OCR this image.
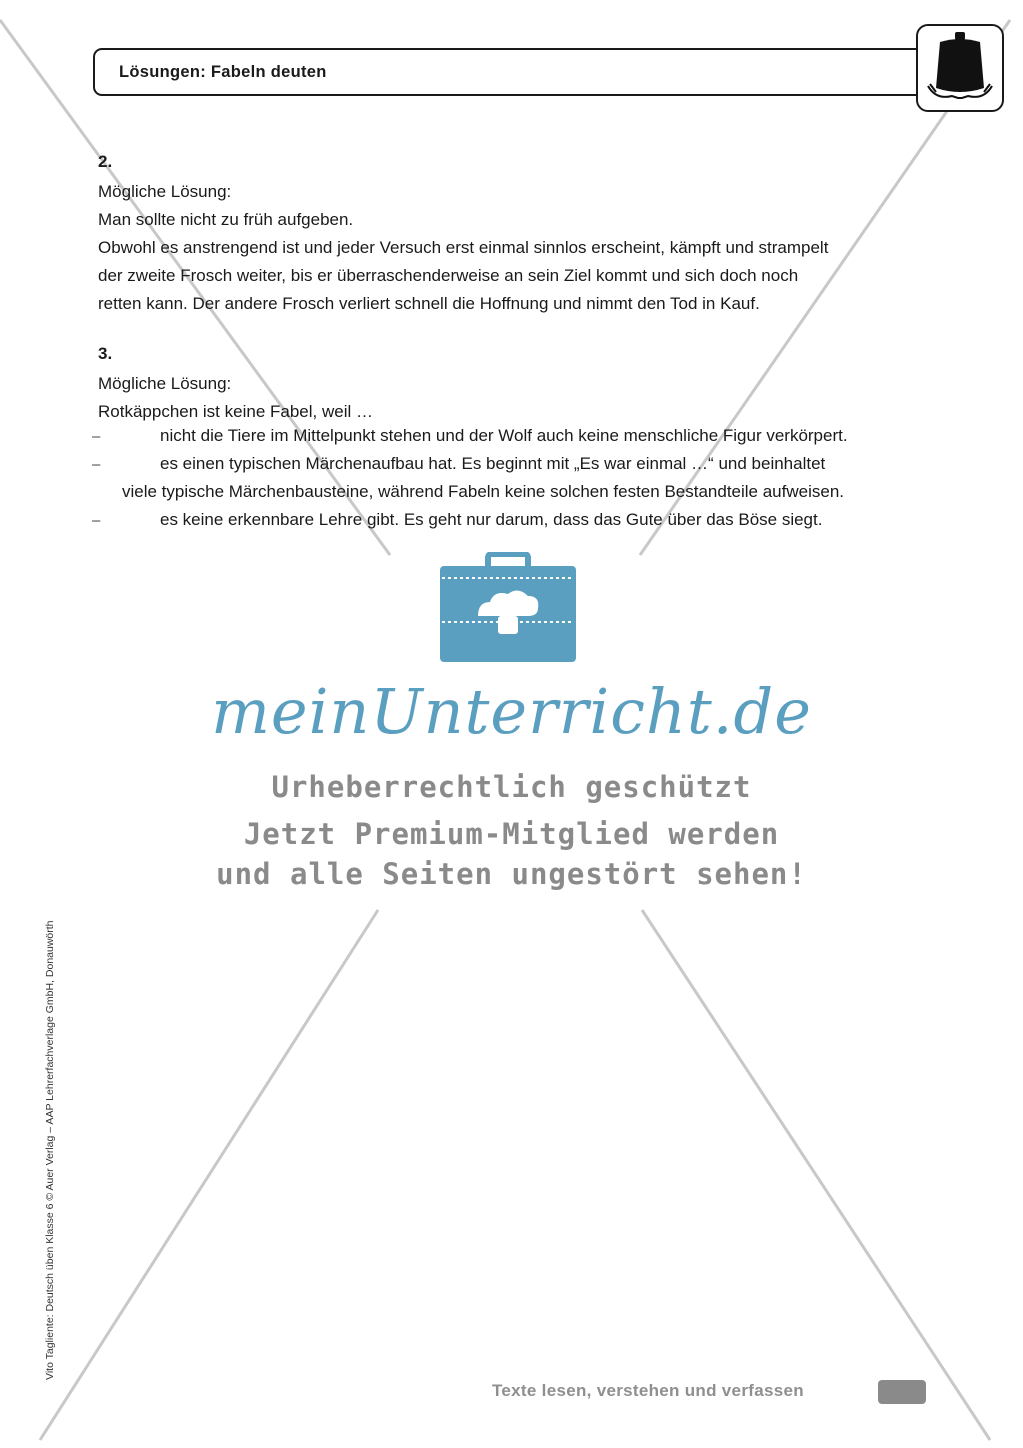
Lösungen: Fabeln deuten
2.
Mögliche Lösung:
Man sollte nicht zu früh aufgeben.
Obwohl es anstrengend ist und jeder Versuch erst einmal sinnlos erscheint, kämpft und strampelt
der zweite Frosch weiter, bis er überraschenderweise an sein Ziel kommt und sich doch noch
retten kann. Der andere Frosch verliert schnell die Hoffnung und nimmt den Tod in Kauf.
3.
Mögliche Lösung:
Rotkäppchen ist keine Fabel, weil …
–	nicht die Tiere im Mittelpunkt stehen und der Wolf auch keine menschliche Figur verkörpert.
–	es einen typischen Märchenaufbau hat. Es beginnt mit „Es war einmal …“ und beinhaltet
viele typische Märchenbausteine, während Fabeln keine solchen festen Bestandteile aufweisen.
–	es keine erkennbare Lehre gibt. Es geht nur darum, dass das Gute über das Böse siegt.
meinUnterricht.de
Urheberrechtlich geschützt
Jetzt Premium-Mitglied werden
und alle Seiten ungestört sehen!
Vito Tagliente: Deutsch üben Klasse 6 © Auer Verlag – AAP Lehrerfachverlage GmbH, Donauwörth
Texte lesen, verstehen und verfassen
